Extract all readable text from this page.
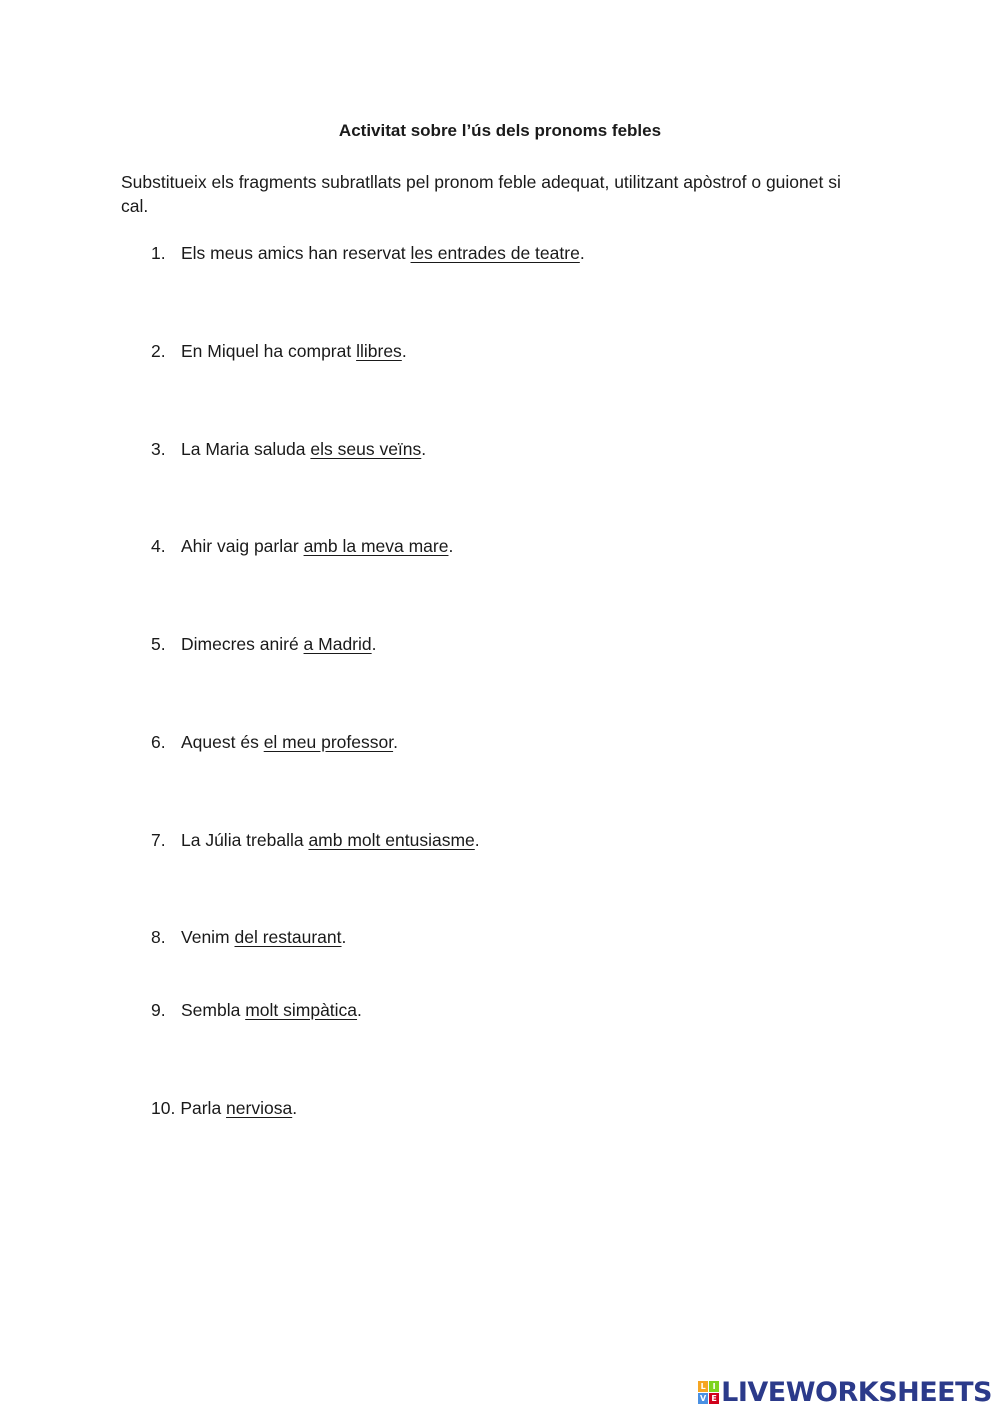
Activitat sobre l’ús dels pronoms febles
Substitueix els fragments subratllats pel pronom feble adequat, utilitzant apòstrof o guionet si cal.
1. Els meus amics han reservat les entrades de teatre.
2. En Miquel ha comprat llibres.
3. La Maria saluda els seus veïns.
4. Ahir vaig parlar amb la meva mare.
5. Dimecres aniré a Madrid.
6. Aquest és el meu professor.
7. La Júlia treballa amb molt entusiasme.
8. Venim del restaurant.
9. Sembla molt simpàtica.
10. Parla nerviosa.
L I
V E LIVEWORKSHEETS
